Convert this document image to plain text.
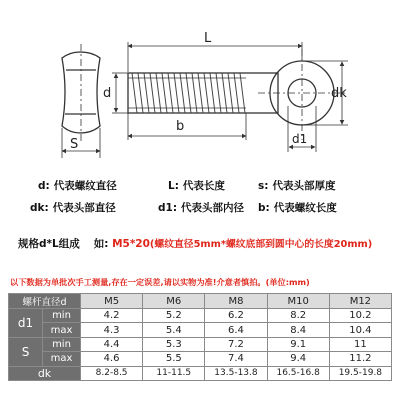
S
L
d
b
dk
d1
d: 代表螺纹直径	L: 代表长度	s: 代表头部厚度
dk: 代表头部直径	d1: 代表头部内径 b: 代表螺纹长度
规格d*L组成 如: M5*20(螺纹直径5mm*螺纹底部到圆中心的长度20mm)
以下数据为单批次手工测量,存在一定误差,请以实物为准!介意者慎拍。(单位:mm)
螺杆直径d		M5	M6	M8	M10	M12
d1	min	4.2	5.2	6.2	8.2	10.2
	max	4.3	5.4	6.4	8.4	10.4
S	min	4.4	5.3	7.2	9.1	11
	max	4.6	5.5	7.4	9.4	11.2
dk		8.2-8.5	11-11.5	13.5-13.8	16.5-16.8	19.5-19.8
